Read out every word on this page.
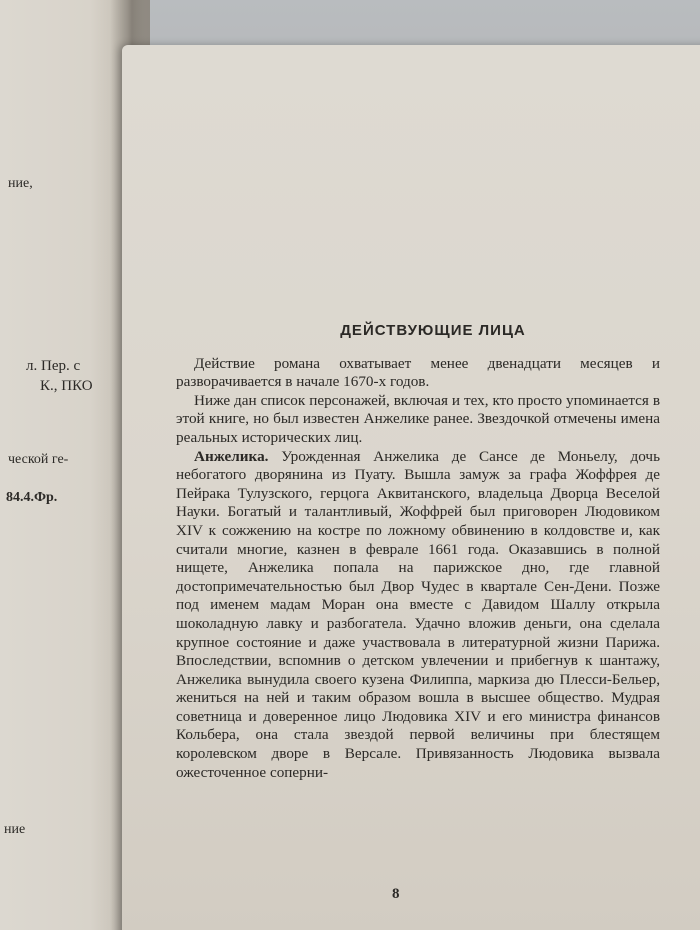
ние,
л. Пер. с
К., ПКО
ческой ге-
84.4.Фр.
ние
ДЕЙСТВУЮЩИЕ ЛИЦА

Действие романа охватывает менее двенадцати месяцев и разворачивается в начале 1670-х годов.

Ниже дан список персонажей, включая и тех, кто просто упоминается в этой книге, но был известен Анжелике ранее. Звездочкой отмечены имена реальных исторических лиц.

Анжелика. Урожденная Анжелика де Сансе де Моньелу, дочь небогатого дворянина из Пуату. Вышла замуж за графа Жоффрея де Пейрака Тулузского, герцога Аквитанского, владельца Дворца Веселой Науки. Богатый и талантливый, Жоффрей был приговорен Людовиком XIV к сожжению на костре по ложному обвинению в колдовстве и, как считали многие, казнен в феврале 1661 года. Оказавшись в полной нищете, Анжелика попала на парижское дно, где главной достопримечательностью был Двор Чудес в квартале Сен-Дени. Позже под именем мадам Моран она вместе с Давидом Шаллу открыла шоколадную лавку и разбогатела. Удачно вложив деньги, она сделала крупное состояние и даже участвовала в литературной жизни Парижа. Впоследствии, вспомнив о детском увлечении и прибегнув к шантажу, Анжелика вынудила своего кузена Филиппа, маркиза дю Плесси-Бельер, жениться на ней и таким образом вошла в высшее общество. Мудрая советница и доверенное лицо Людовика XIV и его министра финансов Кольбера, она стала звездой первой величины при блестящем королевском дворе в Версале. Привязанность Людовика вызвала ожесточенное соперни-

8
